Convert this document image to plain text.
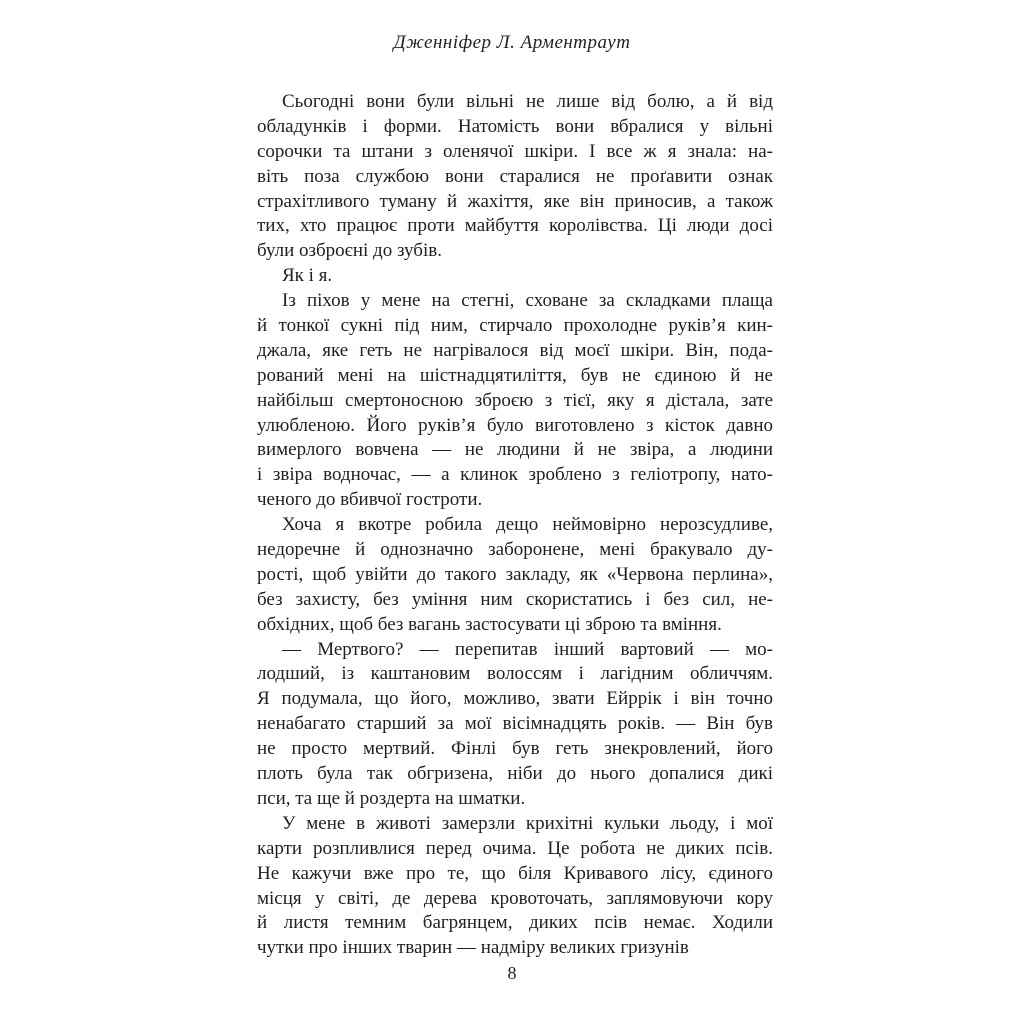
Дженніфер Л. Арментраут
Сьогодні вони були вільні не лише від болю, а й від
обладунків і форми. Натомість вони вбралися у вільні
сорочки та штани з оленячої шкіри. І все ж я знала: на-
віть поза службою вони старалися не проґавити ознак
страхітливого туману й жахіття, яке він приносив, а також
тих, хто працює проти майбуття королівства. Ці люди досі
були озброєні до зубів.
Як і я.
Із піхов у мене на стегні, сховане за складками плаща
й тонкої сукні під ним, стирчало прохолодне руків’я кин-
джала, яке геть не нагрівалося від моєї шкіри. Він, пода-
рований мені на шістнадцятиліття, був не єдиною й не
найбільш смертоносною зброєю з тієї, яку я дістала, зате
улюбленою. Його руків’я було виготовлено з кісток давно
вимерлого вовчена — не людини й не звіра, а людини
і звіра водночас, — а клинок зроблено з геліотропу, нато-
ченого до вбивчої гостроти.
Хоча я вкотре робила дещо неймовірно нерозсудливе,
недоречне й однозначно заборонене, мені бракувало ду-
рості, щоб увійти до такого закладу, як «Червона перлина»,
без захисту, без уміння ним скористатись і без сил, не-
обхідних, щоб без вагань застосувати ці зброю та вміння.
— Мертвого? — перепитав інший вартовий — мо-
лодший, із каштановим волоссям і лагідним обличчям.
Я подумала, що його, можливо, звати Ейррік і він точно
ненабагато старший за мої вісімнадцять років. — Він був
не просто мертвий. Фінлі був геть знекровлений, його
плоть була так обгризена, ніби до нього допалися дикі
пси, та ще й роздерта на шматки.
У мене в животі замерзли крихітні кульки льоду, і мої
карти розпливлися перед очима. Це робота не диких псів.
Не кажучи вже про те, що біля Кривавого лісу, єдиного
місця у світі, де дерева кровоточать, заплямовуючи кору
й листя темним багрянцем, диких псів немає. Ходили
чутки про інших тварин — надміру великих гризунів
8
